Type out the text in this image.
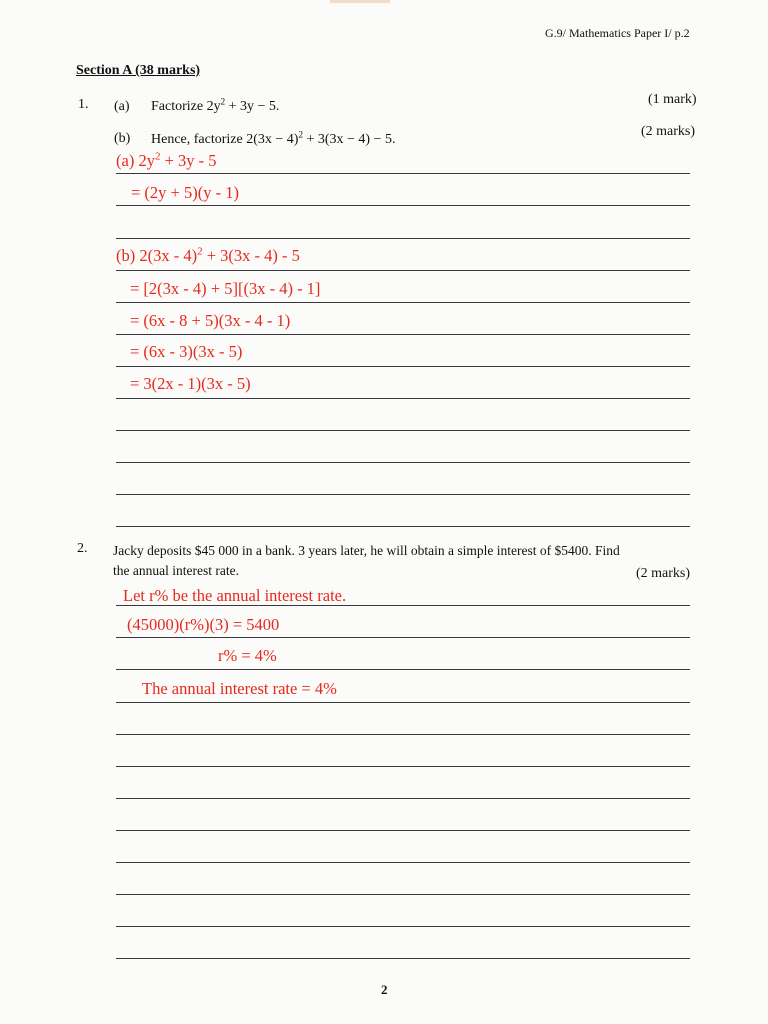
G.9/ Mathematics Paper I/ p.2
Section A (38 marks)
1. (a) Factorize $2y^2 + 3y - 5$.	(1 mark)
(b) Hence, factorize $2(3x - 4)^2 + 3(3x - 4) - 5$.
(2 marks)
(a) $2y^2 + 3y - 5$
= (2y + 5)(y - 1)
(b) 2(3x - 4)$^2$ + 3(3x - 4) - 5
= [2(3x - 4) + 5][(3x - 4) - 1]
= (6x - 8 + 5)(3x - 4 - 1)
= (6x - 3)(3x - 5)
= 3(2x - 1)(3x - 5)
2. Jacky deposits $45 000 in a bank. 3 years later, he will obtain a simple interest of $5400. Find
the annual interest rate.	(2 marks)
Let r% be the annual interest rate.
(45000)(r%)(3) = 5400
r% = 4%
The annual interest rate = 4%
2
